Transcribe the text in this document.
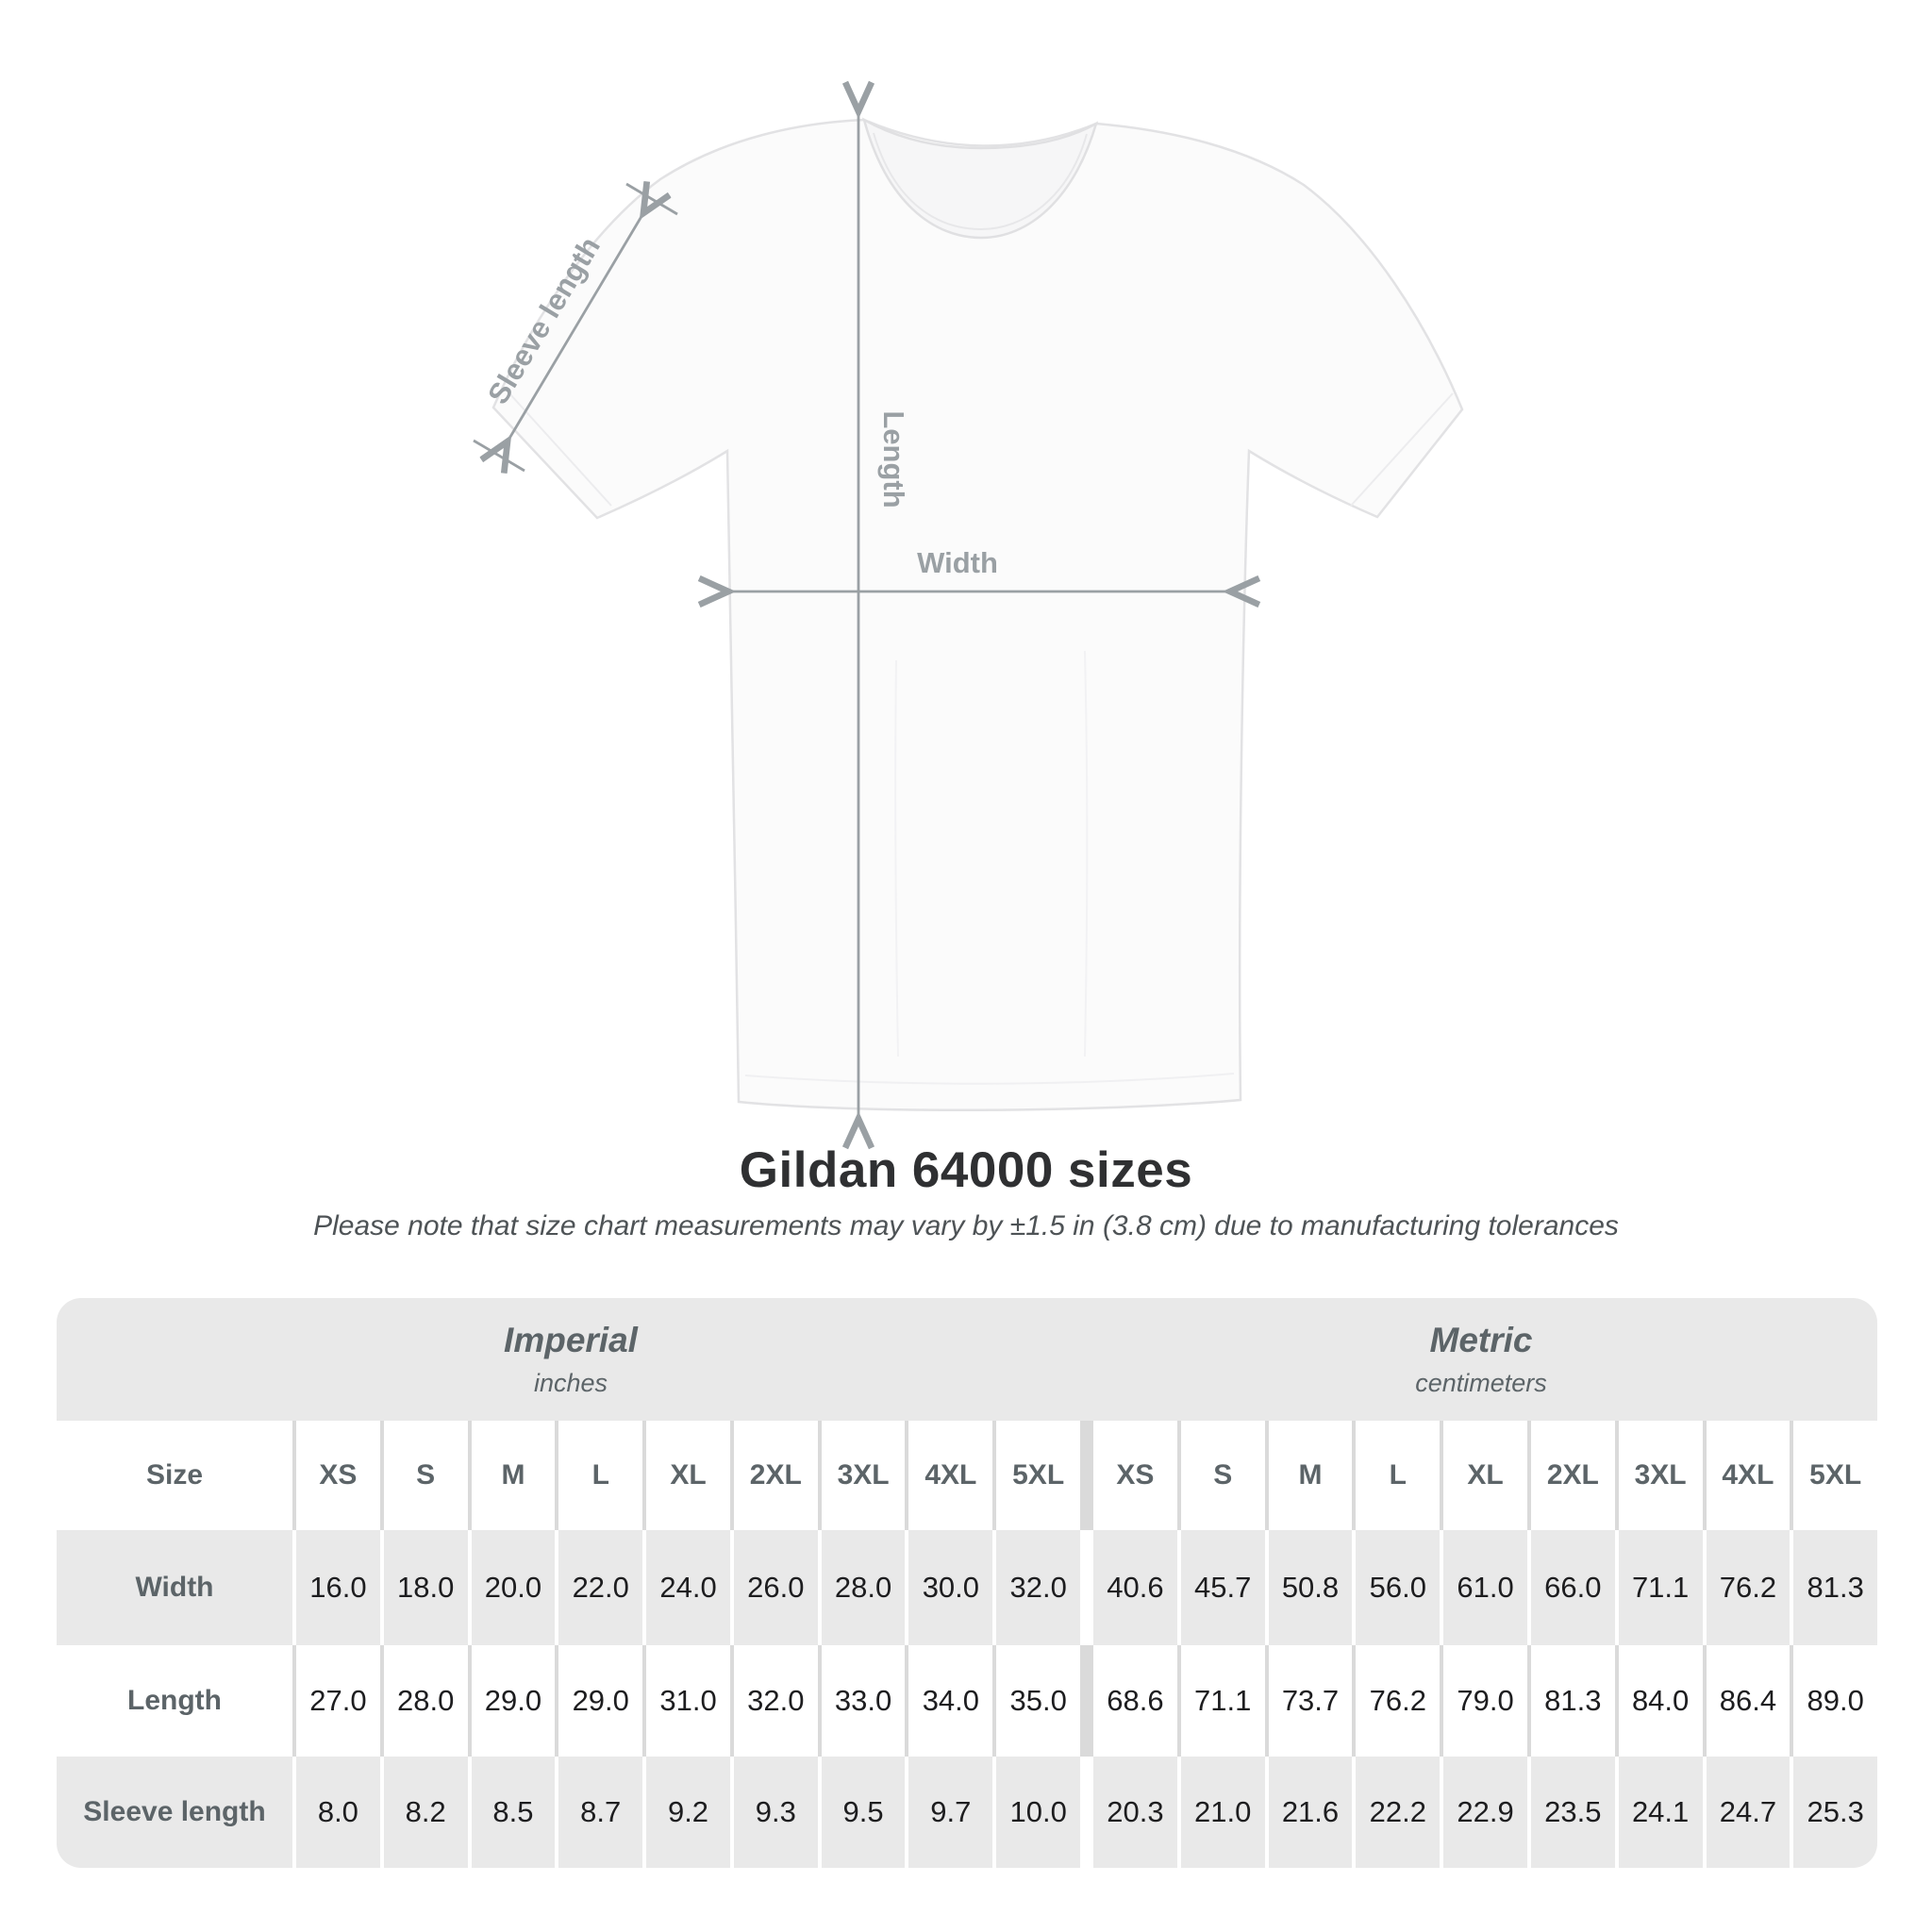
Sleeve length
Length
Width
Gildan 64000 sizes

Please note that size chart measurements may vary by ±1.5 in (3.8 cm) due to manufacturing tolerances

Imperial
inches
Metric
centimeters
Size	XS	S	M	L	XL	2XL	3XL	4XL	5XL	XS	S	M	L	XL	2XL	3XL	4XL	5XL
Width	16.0	18.0	20.0	22.0	24.0	26.0	28.0	30.0	32.0	40.6	45.7	50.8	56.0	61.0	66.0	71.1	76.2	81.3
Length	27.0	28.0	29.0	29.0	31.0	32.0	33.0	34.0	35.0	68.6	71.1	73.7	76.2	79.0	81.3	84.0	86.4	89.0
Sleeve length	8.0	8.2	8.5	8.7	9.2	9.3	9.5	9.7	10.0	20.3	21.0	21.6	22.2	22.9	23.5	24.1	24.7	25.3
